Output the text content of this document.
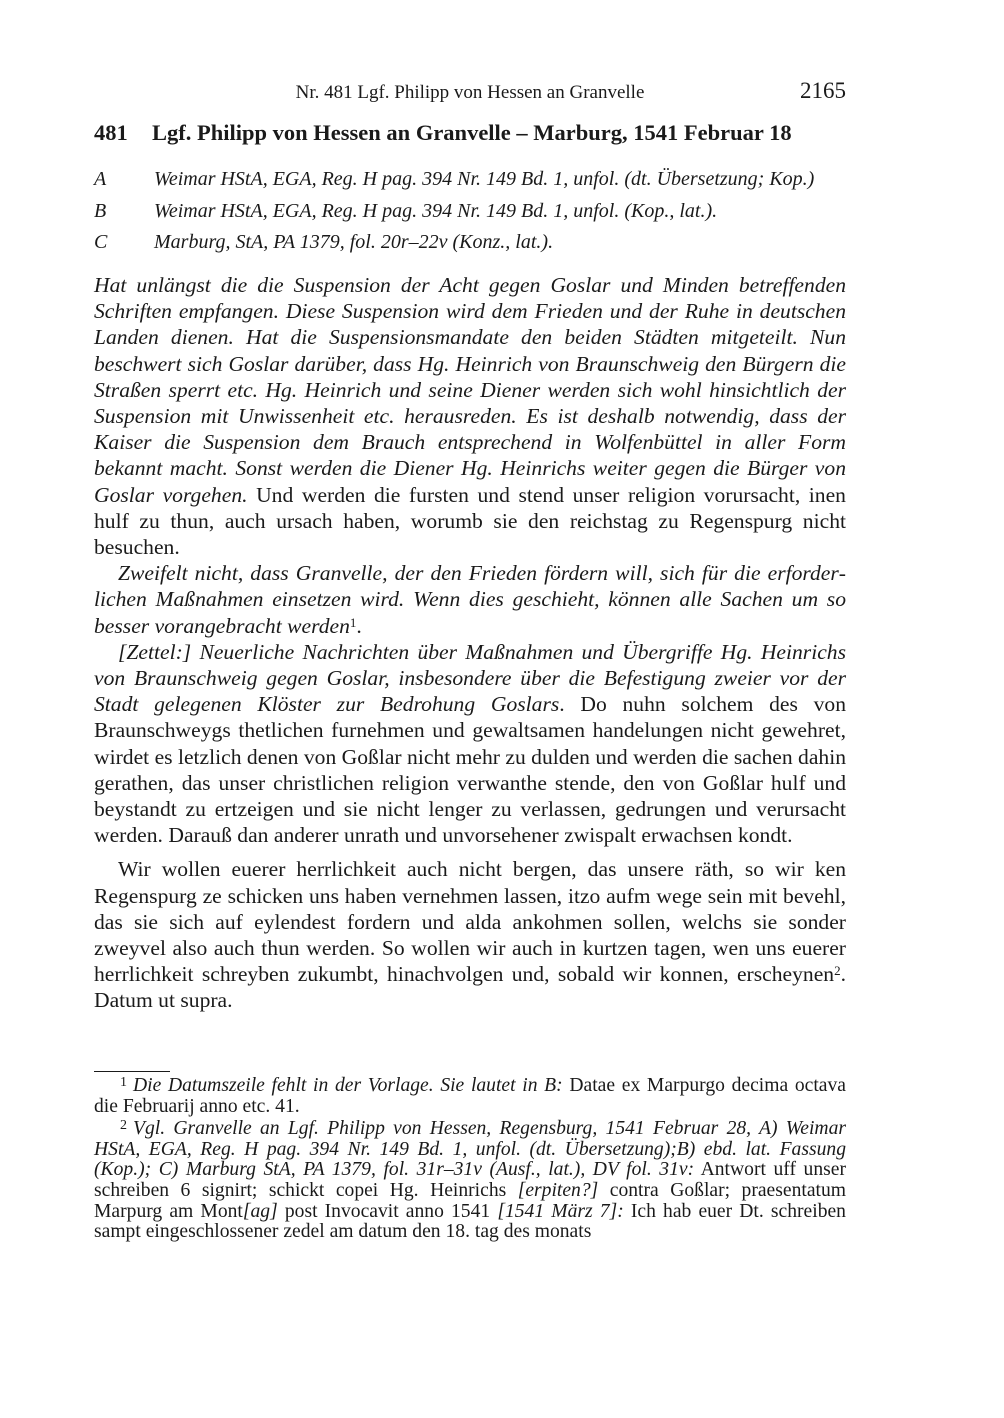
Nr. 481 Lgf. Philipp von Hessen an Granvelle	2165
481 Lgf. Philipp von Hessen an Granvelle – Marburg, 1541 Februar 18
A Weimar HStA, EGA, Reg. H pag. 394 Nr. 149 Bd. 1, unfol. (dt. Übersetzung; Kop.)
B Weimar HStA, EGA, Reg. H pag. 394 Nr. 149 Bd. 1, unfol. (Kop., lat.).
C Marburg, StA, PA 1379, fol. 20r–22v (Konz., lat.).

Hat unlängst die die Suspension der Acht gegen Goslar und Minden betreffenden Schriften empfangen. Diese Suspension wird dem Frieden und der Ruhe in deutschen Landen dienen. Hat die Suspensionsmandate den beiden Städten mitgeteilt. Nun beschwert sich Goslar darüber, dass Hg. Heinrich von Braunschweig den Bürgern die Straßen sperrt etc. Hg. Heinrich und seine Diener werden sich wohl hinsichtlich der Suspension mit Unwissenheit etc. herausreden. Es ist deshalb notwendig, dass der Kaiser die Suspension dem Brauch entsprechend in Wolfenbüttel in aller Form bekannt macht. Sonst werden die Diener Hg. Heinrichs weiter gegen die Bürger von Goslar vorgehen. Und werden die fursten und stend unser religion vorursacht, inen hulf zu thun, auch ursach haben, worumb sie den reichstag zu Regenspurg nicht besuchen.

Zweifelt nicht, dass Granvelle, der den Frieden fördern will, sich für die erforderlichen Maßnahmen einsetzen wird. Wenn dies geschieht, können alle Sachen um so besser vorangebracht werden$^1$.

[Zettel:] Neuerliche Nachrichten über Maßnahmen und Übergriffe Hg. Heinrichs von Braunschweig gegen Goslar, insbesondere über die Befestigung zweier vor der Stadt gelegenen Klöster zur Bedrohung Goslars. Do nuhn solchem des von Braunschweygs thetlichen furnehmen und gewaltsamen handelungen nicht gewehret, wirdet es letzlich denen von Goßlar nicht mehr zu dulden und werden die sachen dahin gerathen, das unser christlichen religion verwanthe stende, den von Goßlar hulf und beystandt zu ertzeigen und sie nicht lenger zu verlassen, gedrungen und verursacht werden. Darauß dan anderer unrath und unvorsehener zwispalt erwachsen kondt.

Wir wollen euerer herrlichkeit auch nicht bergen, das unsere räth, so wir ken Regenspurg ze schicken uns haben vernehmen lassen, itzo aufm wege sein mit bevehl, das sie sich auf eylendest fordern und alda ankohmen sollen, welchs sie sonder zweyvel also auch thun werden. So wollen wir auch in kurtzen tagen, wen uns euerer herrlichkeit schreyben zukumbt, hinachvolgen und, sobald wir konnen, erscheynen$^2$. Datum ut supra.

$^1$ Die Datumszeile fehlt in der Vorlage. Sie lautet in B: Datae ex Marpurgo decima octava die Februarij anno etc. 41.

$^2$ Vgl. Granvelle an Lgf. Philipp von Hessen, Regensburg, 1541 Februar 28, A) Weimar HStA, EGA, Reg. H pag. 394 Nr. 149 Bd. 1, unfol. (dt. Übersetzung);B) ebd. lat. Fassung (Kop.); C) Marburg StA, PA 1379, fol. 31r–31v (Ausf., lat.), DV fol. 31v: Antwort uff unser schreiben 6 signirt; schickt copei Hg. Heinrichs [erpiten?] contra Goßlar; praesentatum Marpurg am Mont[ag] post Invocavit anno 1541 [1541 März 7]: Ich hab euer Dt. schreiben sampt eingeschlossener zedel am datum den 18. tag des monats
